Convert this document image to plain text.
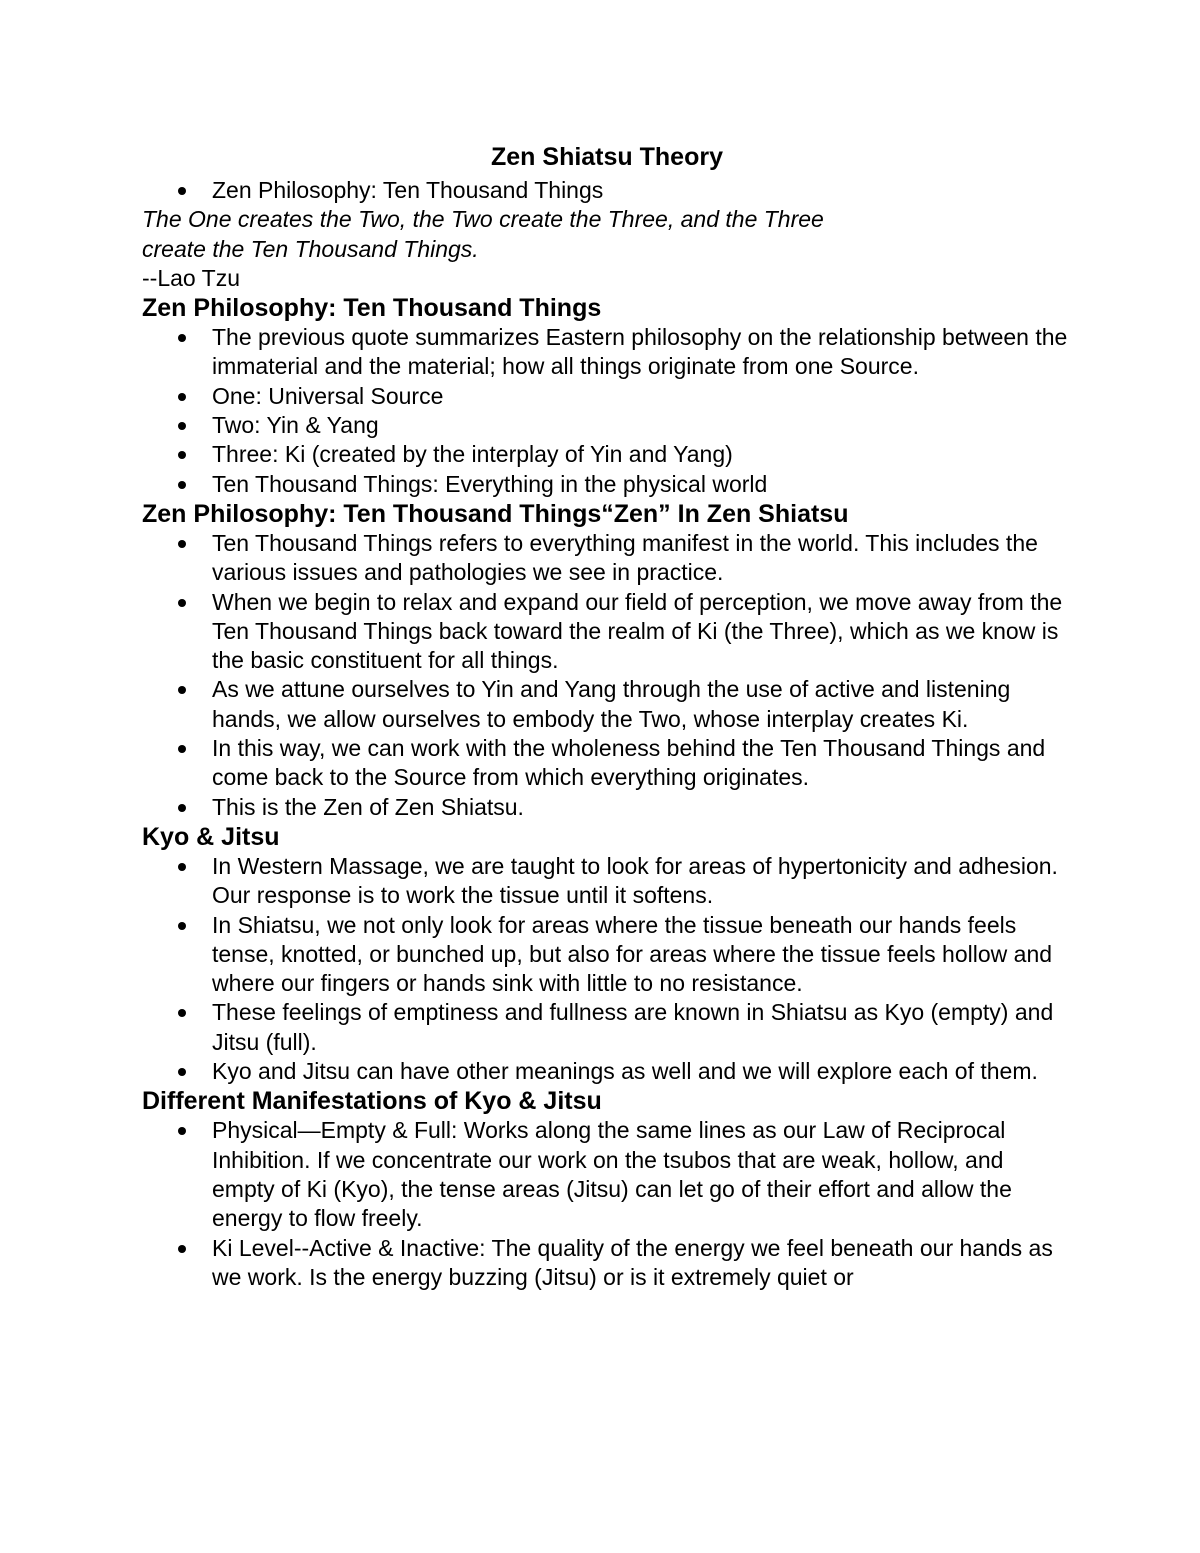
Zen Shiatsu Theory
Zen Philosophy: Ten Thousand Things
The One creates the Two, the Two create the Three, and the Three
create the Ten Thousand Things.
--Lao Tzu
Zen Philosophy: Ten Thousand Things
The previous quote summarizes Eastern philosophy on the relationship between the immaterial and the material; how all things originate from one Source.
One: Universal Source
Two: Yin & Yang
Three: Ki (created by the interplay of Yin and Yang)
Ten Thousand Things: Everything in the physical world
Zen Philosophy: Ten Thousand Things“Zen” In Zen Shiatsu
Ten Thousand Things refers to everything manifest in the world. This includes the various issues and pathologies we see in practice.
When we begin to relax and expand our field of perception, we move away from the Ten Thousand Things back toward the realm of Ki (the Three), which as we know is the basic constituent for all things.
As we attune ourselves to Yin and Yang through the use of active and listening hands, we allow ourselves to embody the Two, whose interplay creates Ki.
In this way, we can work with the wholeness behind the Ten Thousand Things and come back to the Source from which everything originates.
This is the Zen of Zen Shiatsu.
Kyo & Jitsu
In Western Massage, we are taught to look for areas of hypertonicity and adhesion. Our response is to work the tissue until it softens.
In Shiatsu, we not only look for areas where the tissue beneath our hands feels tense, knotted, or bunched up, but also for areas where the tissue feels hollow and where our fingers or hands sink with little to no resistance.
These feelings of emptiness and fullness are known in Shiatsu as Kyo (empty) and Jitsu (full).
Kyo and Jitsu can have other meanings as well and we will explore each of them.
Different Manifestations of Kyo & Jitsu
Physical—Empty & Full: Works along the same lines as our Law of Reciprocal Inhibition. If we concentrate our work on the tsubos that are weak, hollow, and empty of Ki (Kyo), the tense areas (Jitsu) can let go of their effort and allow the energy to flow freely.
Ki Level--Active & Inactive: The quality of the energy we feel beneath our hands as we work. Is the energy buzzing (Jitsu) or is it extremely quiet or
